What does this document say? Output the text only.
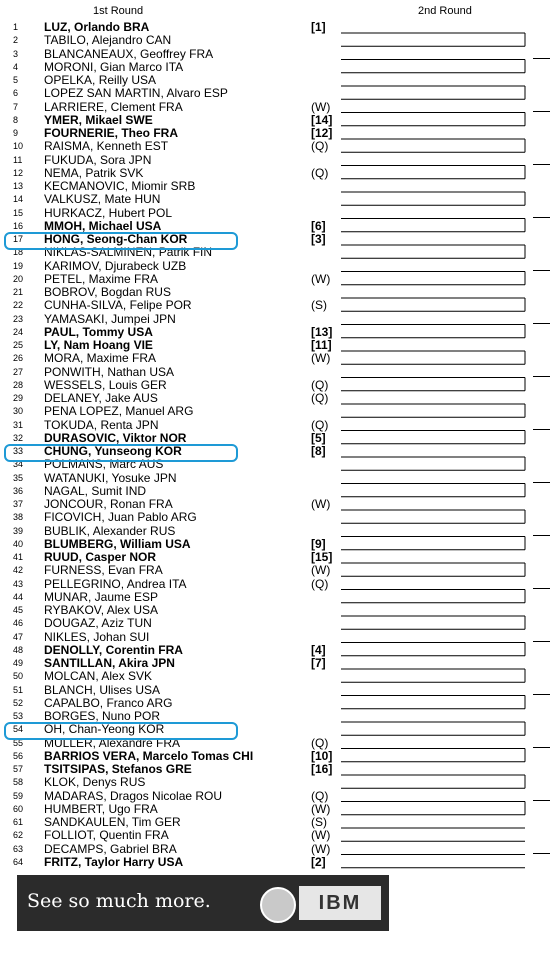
1st Round	2nd Round
1 LUZ, Orlando BRA	[1]
2 TABILO, Alejandro CAN
3 BLANCANEAUX, Geoffrey FRA
4 MORONI, Gian Marco ITA
5 OPELKA, Reilly USA
6 LOPEZ SAN MARTIN, Alvaro ESP
7 LARRIERE, Clement FRA	(W)
8 YMER, Mikael SWE	[14]
9 FOURNERIE, Theo FRA	[12]
10 RAISMA, Kenneth EST	(Q)
11 FUKUDA, Sora JPN
12 NEMA, Patrik SVK	(Q)
13 KECMANOVIC, Miomir SRB
14 VALKUSZ, Mate HUN
15 HURKACZ, Hubert POL
16 MMOH, Michael USA	[6]
17 HONG, Seong-Chan KOR	[3]
18 NIKLAS-SALMINEN, Patrik FIN
19 KARIMOV, Djurabeck UZB
20 PETEL, Maxime FRA	(W)
21 BOBROV, Bogdan RUS
22 CUNHA-SILVA, Felipe POR	(S)
23 YAMASAKI, Jumpei JPN
24 PAUL, Tommy USA	[13]
25 LY, Nam Hoang VIE	[11]
26 MORA, Maxime FRA	(W)
27 PONWITH, Nathan USA
28 WESSELS, Louis GER	(Q)
29 DELANEY, Jake AUS	(Q)
30 PENA LOPEZ, Manuel ARG
31 TOKUDA, Renta JPN	(Q)
32 DURASOVIC, Viktor NOR	[5]
33 CHUNG, Yunseong KOR	[8]
34 POLMANS, Marc AUS
35 WATANUKI, Yosuke JPN
36 NAGAL, Sumit IND
37 JONCOUR, Ronan FRA	(W)
38 FICOVICH, Juan Pablo ARG
39 BUBLIK, Alexander RUS
40 BLUMBERG, William USA	[9]
41 RUUD, Casper NOR	[15]
42 FURNESS, Evan FRA	(W)
43 PELLEGRINO, Andrea ITA	(Q)
44 MUNAR, Jaume ESP
45 RYBAKOV, Alex USA
46 DOUGAZ, Aziz TUN
47 NIKLES, Johan SUI
48 DENOLLY, Corentin FRA	[4]
49 SANTILLAN, Akira JPN	[7]
50 MOLCAN, Alex SVK
51 BLANCH, Ulises USA
52 CAPALBO, Franco ARG
53 BORGES, Nuno POR
54 OH, Chan-Yeong KOR
55 MULLER, Alexandre FRA	(Q)
56 BARRIOS VERA, Marcelo Tomas CHI	[10]
57 TSITSIPAS, Stefanos GRE	[16]
58 KLOK, Denys RUS
59 MADARAS, Dragos Nicolae ROU	(Q)
60 HUMBERT, Ugo FRA	(W)
61 SANDKAULEN, Tim GER	(S)
62 FOLLIOT, Quentin FRA	(W)
63 DECAMPS, Gabriel BRA	(W)
64 FRITZ, Taylor Harry USA	[2]
See so much more.	IBM
